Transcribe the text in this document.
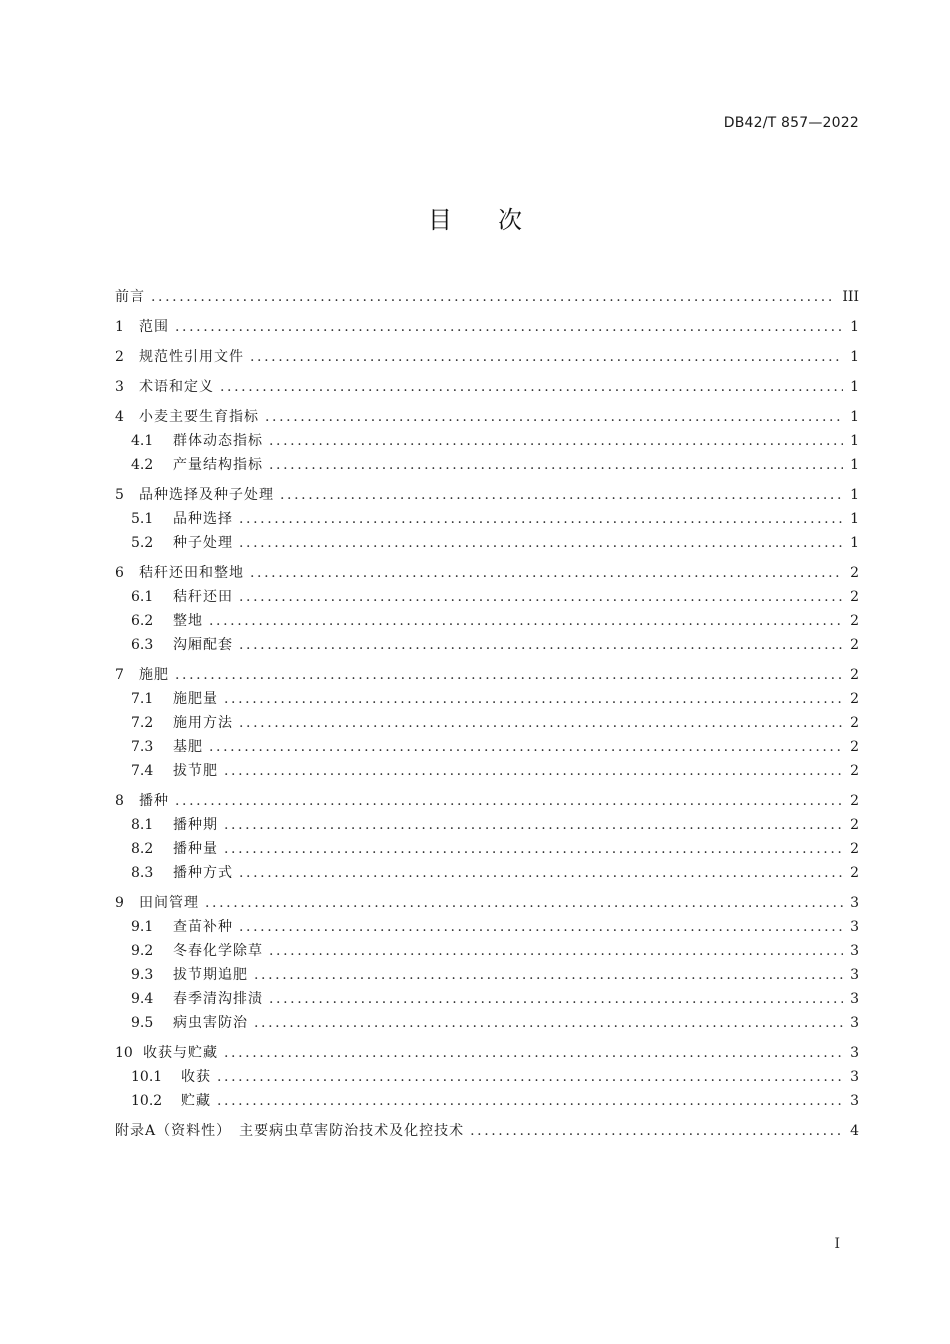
DB42/T 857—2022
目次
前言 .....	III
1	范围 .....	1
2	规范性引用文件 .....	1
3	术语和定义 .....	1
4	小麦主要生育指标 .....	1
4.1	群体动态指标 .....	1
4.2	产量结构指标 .....	1
5	品种选择及种子处理 .....	1
5.1	品种选择 .....	1
5.2	种子处理 .....	1
6	秸秆还田和整地 .....	2
6.1	秸秆还田 .....	2
6.2	整地 .....	2
6.3	沟厢配套 .....	2
7	施肥 .....	2
7.1	施肥量 .....	2
7.2	施用方法 .....	2
7.3	基肥 .....	2
7.4	拔节肥 .....	2
8	播种 .....	2
8.1	播种期 .....	2
8.2	播种量 .....	2
8.3	播种方式 .....	2
9	田间管理 .....	3
9.1	查苗补种 .....	3
9.2	冬春化学除草 .....	3
9.3	拔节期追肥 .....	3
9.4	春季清沟排渍 .....	3
9.5	病虫害防治 .....	3
10 收获与贮藏 .....	3
10.1	收获 .....	3
10.2	贮藏 .....	3
附录A（资料性）　主要病虫草害防治技术及化控技术 .....	4
I
